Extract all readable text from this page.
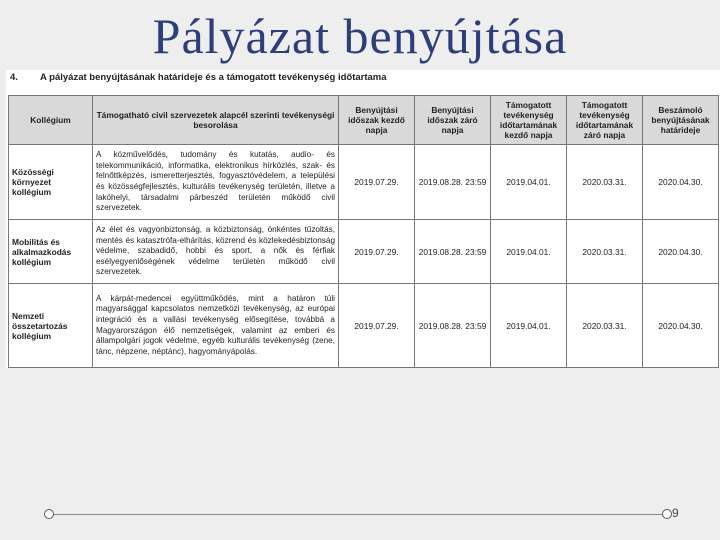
Pályázat benyújtása
4. A pályázat benyújtásának határideje és a támogatott tevékenység időtartama
Kollégium	Támogatható civil szervezetek alapcél szerinti tevékenységi besorolása	Benyújtási időszak kezdő napja	Benyújtási időszak záró napja	Támogatott tevékenység időtartamának kezdő napja	Támogatott tevékenység időtartamának záró napja	Beszámoló benyújtásának határideje
Közösségi környezet kollégium	A közművelődés, tudomány és kutatás, audio- és telekommunikáció, informatika, elektronikus hírközlés, szak- és felnőttképzés, ismeretterjesztés, fogyasztóvédelem, a települési és közösségfejlesztés, kulturális tevékenység területén, illetve a lakóhelyi, társadalmi párbeszéd területén működő civil szervezetek.	2019.07.29.	2019.08.28. 23:59	2019.04.01.	2020.03.31.	2020.04.30.
Mobilitás és alkalmazkodás kollégium	Az élet és vagyonbiztonság, a közbiztonság, önkéntes tűzoltás, mentés és katasztrófa-elhárítás, közrend és közlekedésbiztonság védelme, szabadidő, hobbi és sport, a nők és férfiak esélyegyenlőségének védelme területén működő civil szervezetek.	2019.07.29.	2019.08.28. 23:59	2019.04.01.	2020.03.31.	2020.04.30.
Nemzeti összetartozás kollégium	A kárpát-medencei együttműködés, mint a határon túli magyarsággal kapcsolatos nemzetközi tevékenység, az európai integráció és a vallási tevékenység elősegítése, továbbá a Magyarországon élő nemzetiségek, valamint az emberi és állampolgári jogok védelme, egyéb kulturális tevékenység (zene, tánc, népzene, néptánc), hagyományápolás.	2019.07.29.	2019.08.28. 23:59	2019.04.01.	2020.03.31.	2020.04.30.
9
